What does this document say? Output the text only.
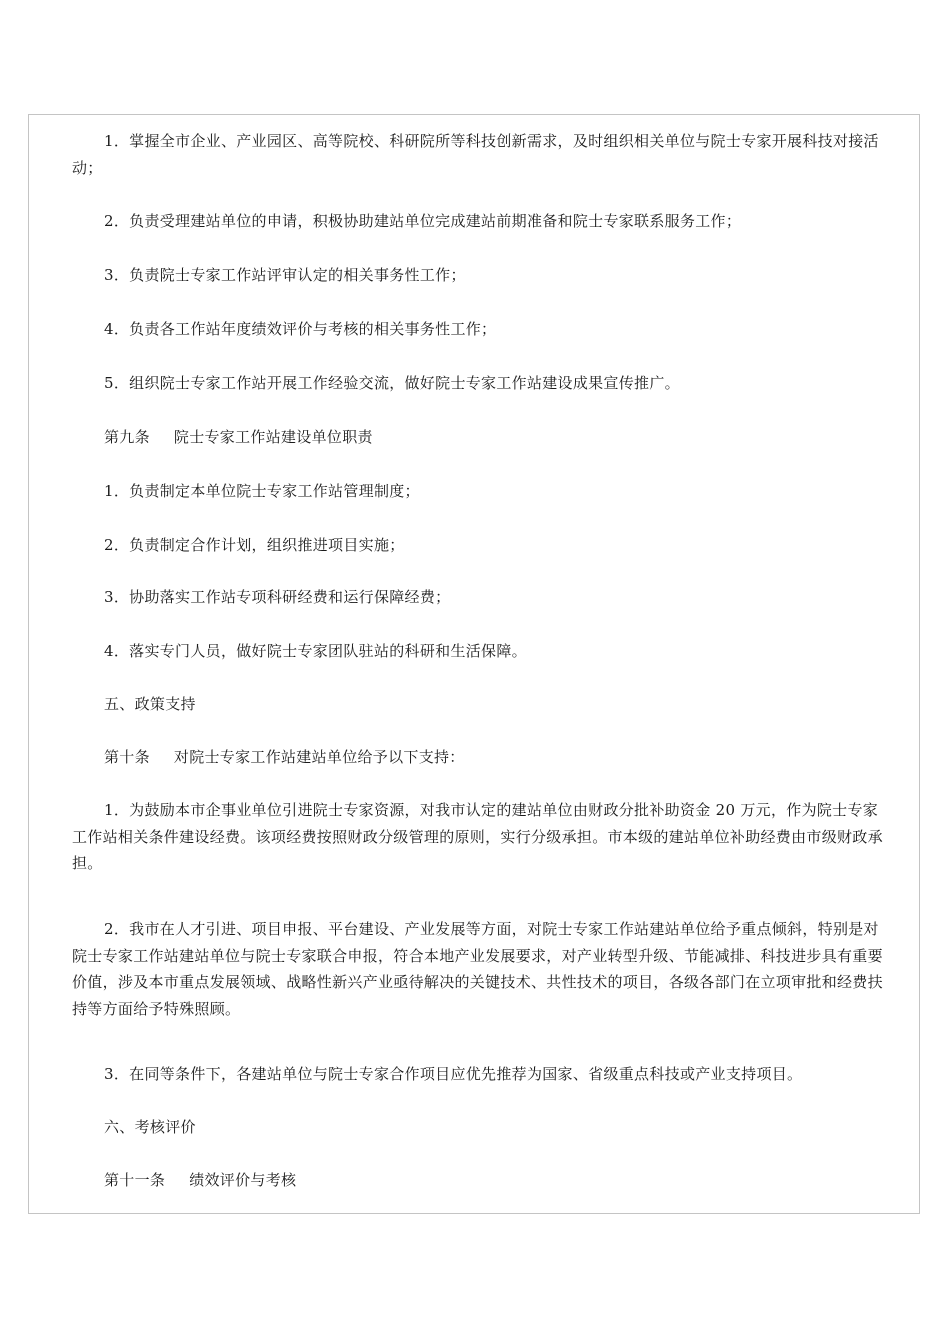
1．掌握全市企业、产业园区、高等院校、科研院所等科技创新需求，及时组织相关单位与院士专家开展科技对接活动；

2．负责受理建站单位的申请，积极协助建站单位完成建站前期准备和院士专家联系服务工作；

3．负责院士专家工作站评审认定的相关事务性工作；

4．负责各工作站年度绩效评价与考核的相关事务性工作；

5．组织院士专家工作站开展工作经验交流，做好院士专家工作站建设成果宣传推广。

第九条 院士专家工作站建设单位职责

1．负责制定本单位院士专家工作站管理制度；

2．负责制定合作计划，组织推进项目实施；

3．协助落实工作站专项科研经费和运行保障经费；

4．落实专门人员，做好院士专家团队驻站的科研和生活保障。

五、政策支持

第十条 对院士专家工作站建站单位给予以下支持：

1．为鼓励本市企事业单位引进院士专家资源，对我市认定的建站单位由财政分批补助资金 20 万元，作为院士专家工作站相关条件建设经费。该项经费按照财政分级管理的原则，实行分级承担。市本级的建站单位补助经费由市级财政承担。

2．我市在人才引进、项目申报、平台建设、产业发展等方面，对院士专家工作站建站单位给予重点倾斜，特别是对院士专家工作站建站单位与院士专家联合申报，符合本地产业发展要求，对产业转型升级、节能减排、科技进步具有重要价值，涉及本市重点发展领域、战略性新兴产业亟待解决的关键技术、共性技术的项目，各级各部门在立项审批和经费扶持等方面给予特殊照顾。

3．在同等条件下，各建站单位与院士专家合作项目应优先推荐为国家、省级重点科技或产业支持项目。

六、考核评价

第十一条 绩效评价与考核
